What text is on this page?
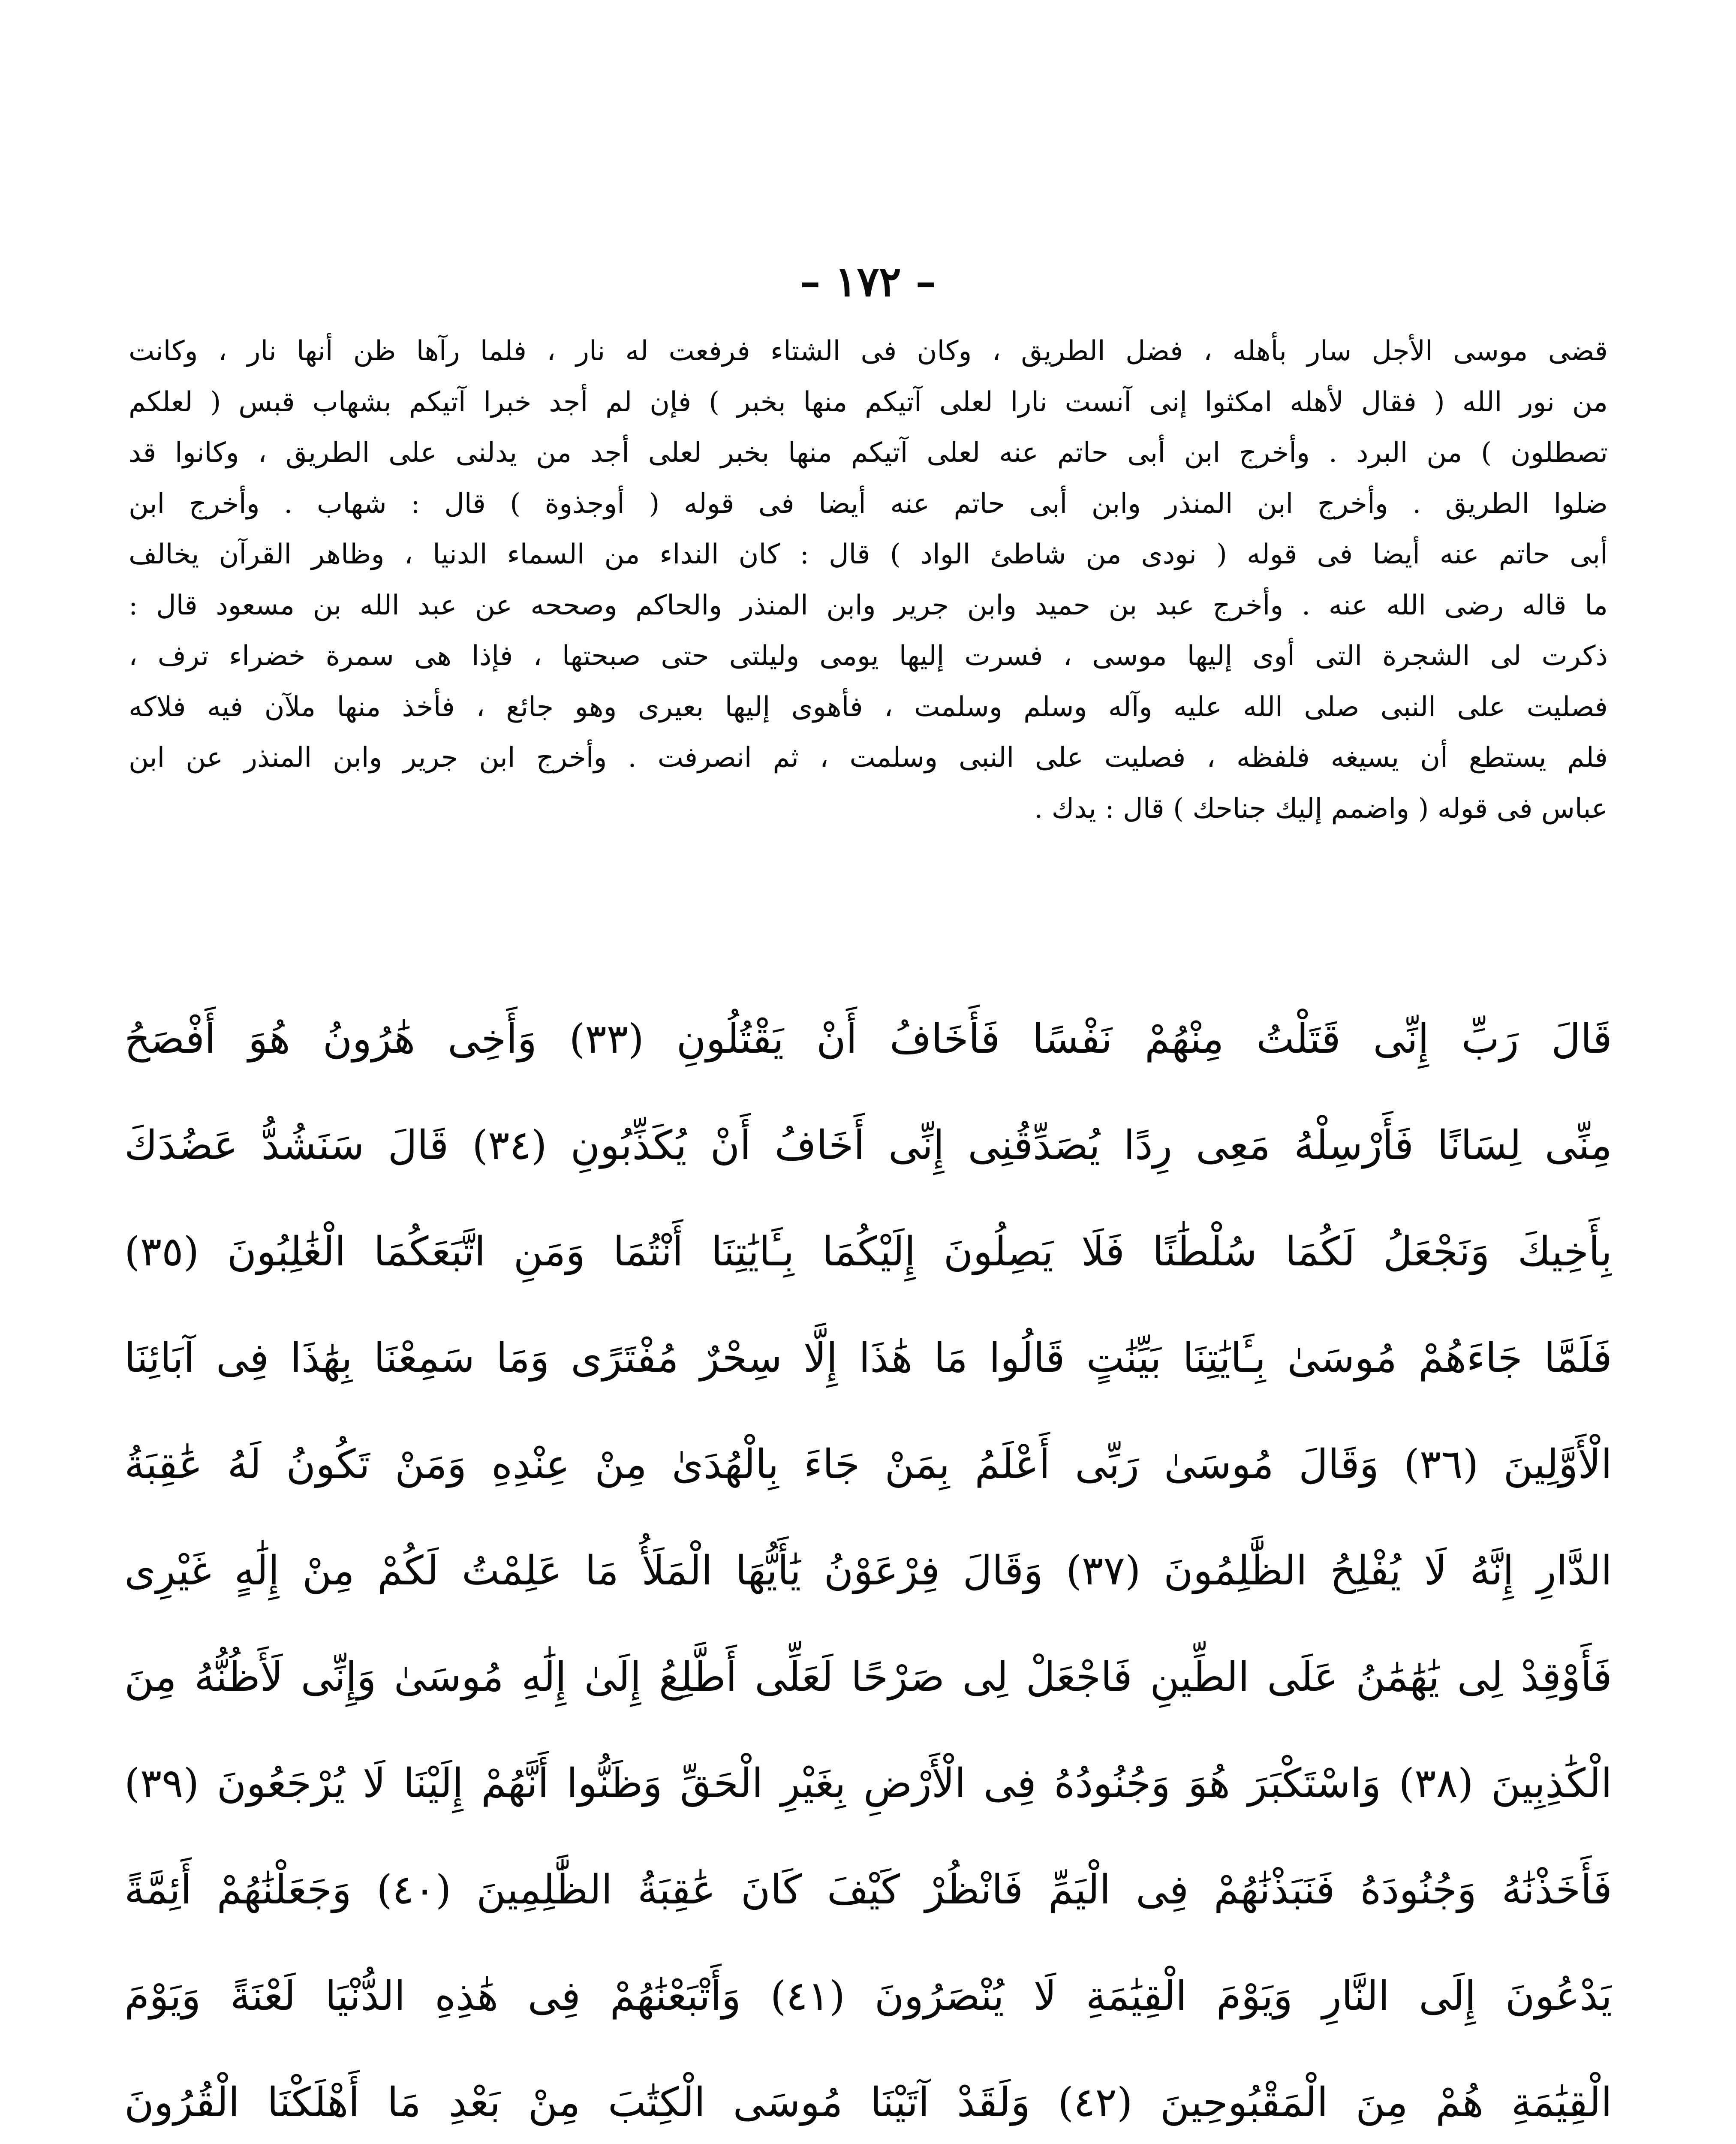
– ١٧٢ –
قضى موسى الأجل سار بأهله ، فضل الطريق ، وكان فى الشتاء فرفعت له نار ، فلما رآها ظن أنها نار ، وكانت
من نور الله ( فقال لأهله امكثوا إنى آنست نارا لعلى آتيكم منها بخبر ) فإن لم أجد خبرا آتيكم بشهاب قبس ( لعلكم
تصطلون ) من البرد . وأخرج ابن أبى حاتم عنه لعلى آتيكم منها بخبر لعلى أجد من يدلنى على الطريق ، وكانوا قد
ضلوا الطريق . وأخرج ابن المنذر وابن أبى حاتم عنه أيضا فى قوله ( أوجذوة ) قال : شهاب . وأخرج ابن
أبى حاتم عنه أيضا فى قوله ( نودى من شاطئ الواد ) قال : كان النداء من السماء الدنيا ، وظاهر القرآن يخالف
ما قاله رضى الله عنه . وأخرج عبد بن حميد وابن جرير وابن المنذر والحاكم وصححه عن عبد الله بن مسعود قال :
ذكرت لى الشجرة التى أوى إليها موسى ، فسرت إليها يومى وليلتى حتى صبحتها ، فإذا هى سمرة خضراء ترف ،
فصليت على النبى صلى الله عليه وآله وسلم وسلمت ، فأهوى إليها بعيرى وهو جائع ، فأخذ منها ملآن فيه فلاكه
فلم يستطع أن يسيغه فلفظه ، فصليت على النبى وسلمت ، ثم انصرفت . وأخرج ابن جرير وابن المنذر عن ابن
عباس فى قوله ( واضمم إليك جناحك ) قال : يدك .
قَالَ رَبِّ إِنِّى قَتَلْتُ مِنْهُمْ نَفْسًا فَأَخَافُ أَنْ يَقْتُلُونِ (٣٣) وَأَخِى هَٰرُونُ هُوَ أَفْصَحُ
مِنِّى لِسَانًا فَأَرْسِلْهُ مَعِى رِدًا يُصَدِّقُنِى إِنِّى أَخَافُ أَنْ يُكَذِّبُونِ (٣٤) قَالَ سَنَشُدُّ عَضُدَكَ
بِأَخِيكَ وَنَجْعَلُ لَكُمَا سُلْطَٰنًا فَلَا يَصِلُونَ إِلَيْكُمَا بِـَٔايَٰتِنَا أَنْتُمَا وَمَنِ اتَّبَعَكُمَا الْغَٰلِبُونَ (٣٥)
فَلَمَّا جَاءَهُمْ مُوسَىٰ بِـَٔايَٰتِنَا بَيِّنَٰتٍ قَالُوا مَا هَٰذَا إِلَّا سِحْرٌ مُفْتَرًى وَمَا سَمِعْنَا بِهَٰذَا فِى آبَائِنَا
الْأَوَّلِينَ (٣٦) وَقَالَ مُوسَىٰ رَبِّى أَعْلَمُ بِمَنْ جَاءَ بِالْهُدَىٰ مِنْ عِنْدِهِ وَمَنْ تَكُونُ لَهُ عَٰقِبَةُ
الدَّارِ إِنَّهُ لَا يُفْلِحُ الظَّٰلِمُونَ (٣٧) وَقَالَ فِرْعَوْنُ يَٰأَيُّهَا الْمَلَأُ مَا عَلِمْتُ لَكُمْ مِنْ إِلَٰهٍ غَيْرِى
فَأَوْقِدْ لِى يَٰهَٰمَٰنُ عَلَى الطِّينِ فَاجْعَلْ لِى صَرْحًا لَعَلِّى أَطَّلِعُ إِلَىٰ إِلَٰهِ مُوسَىٰ وَإِنِّى لَأَظُنُّهُ مِنَ
الْكَٰذِبِينَ (٣٨) وَاسْتَكْبَرَ هُوَ وَجُنُودُهُ فِى الْأَرْضِ بِغَيْرِ الْحَقِّ وَظَنُّوا أَنَّهُمْ إِلَيْنَا لَا يُرْجَعُونَ (٣٩)
فَأَخَذْنَٰهُ وَجُنُودَهُ فَنَبَذْنَٰهُمْ فِى الْيَمِّ فَانْظُرْ كَيْفَ كَانَ عَٰقِبَةُ الظَّٰلِمِينَ (٤٠) وَجَعَلْنَٰهُمْ أَئِمَّةً
يَدْعُونَ إِلَى النَّارِ وَيَوْمَ الْقِيَٰمَةِ لَا يُنْصَرُونَ (٤١) وَأَتْبَعْنَٰهُمْ فِى هَٰذِهِ الدُّنْيَا لَعْنَةً وَيَوْمَ
الْقِيَٰمَةِ هُمْ مِنَ الْمَقْبُوحِينَ (٤٢) وَلَقَدْ آتَيْنَا مُوسَى الْكِتَٰبَ مِنْ بَعْدِ مَا أَهْلَكْنَا الْقُرُونَ
